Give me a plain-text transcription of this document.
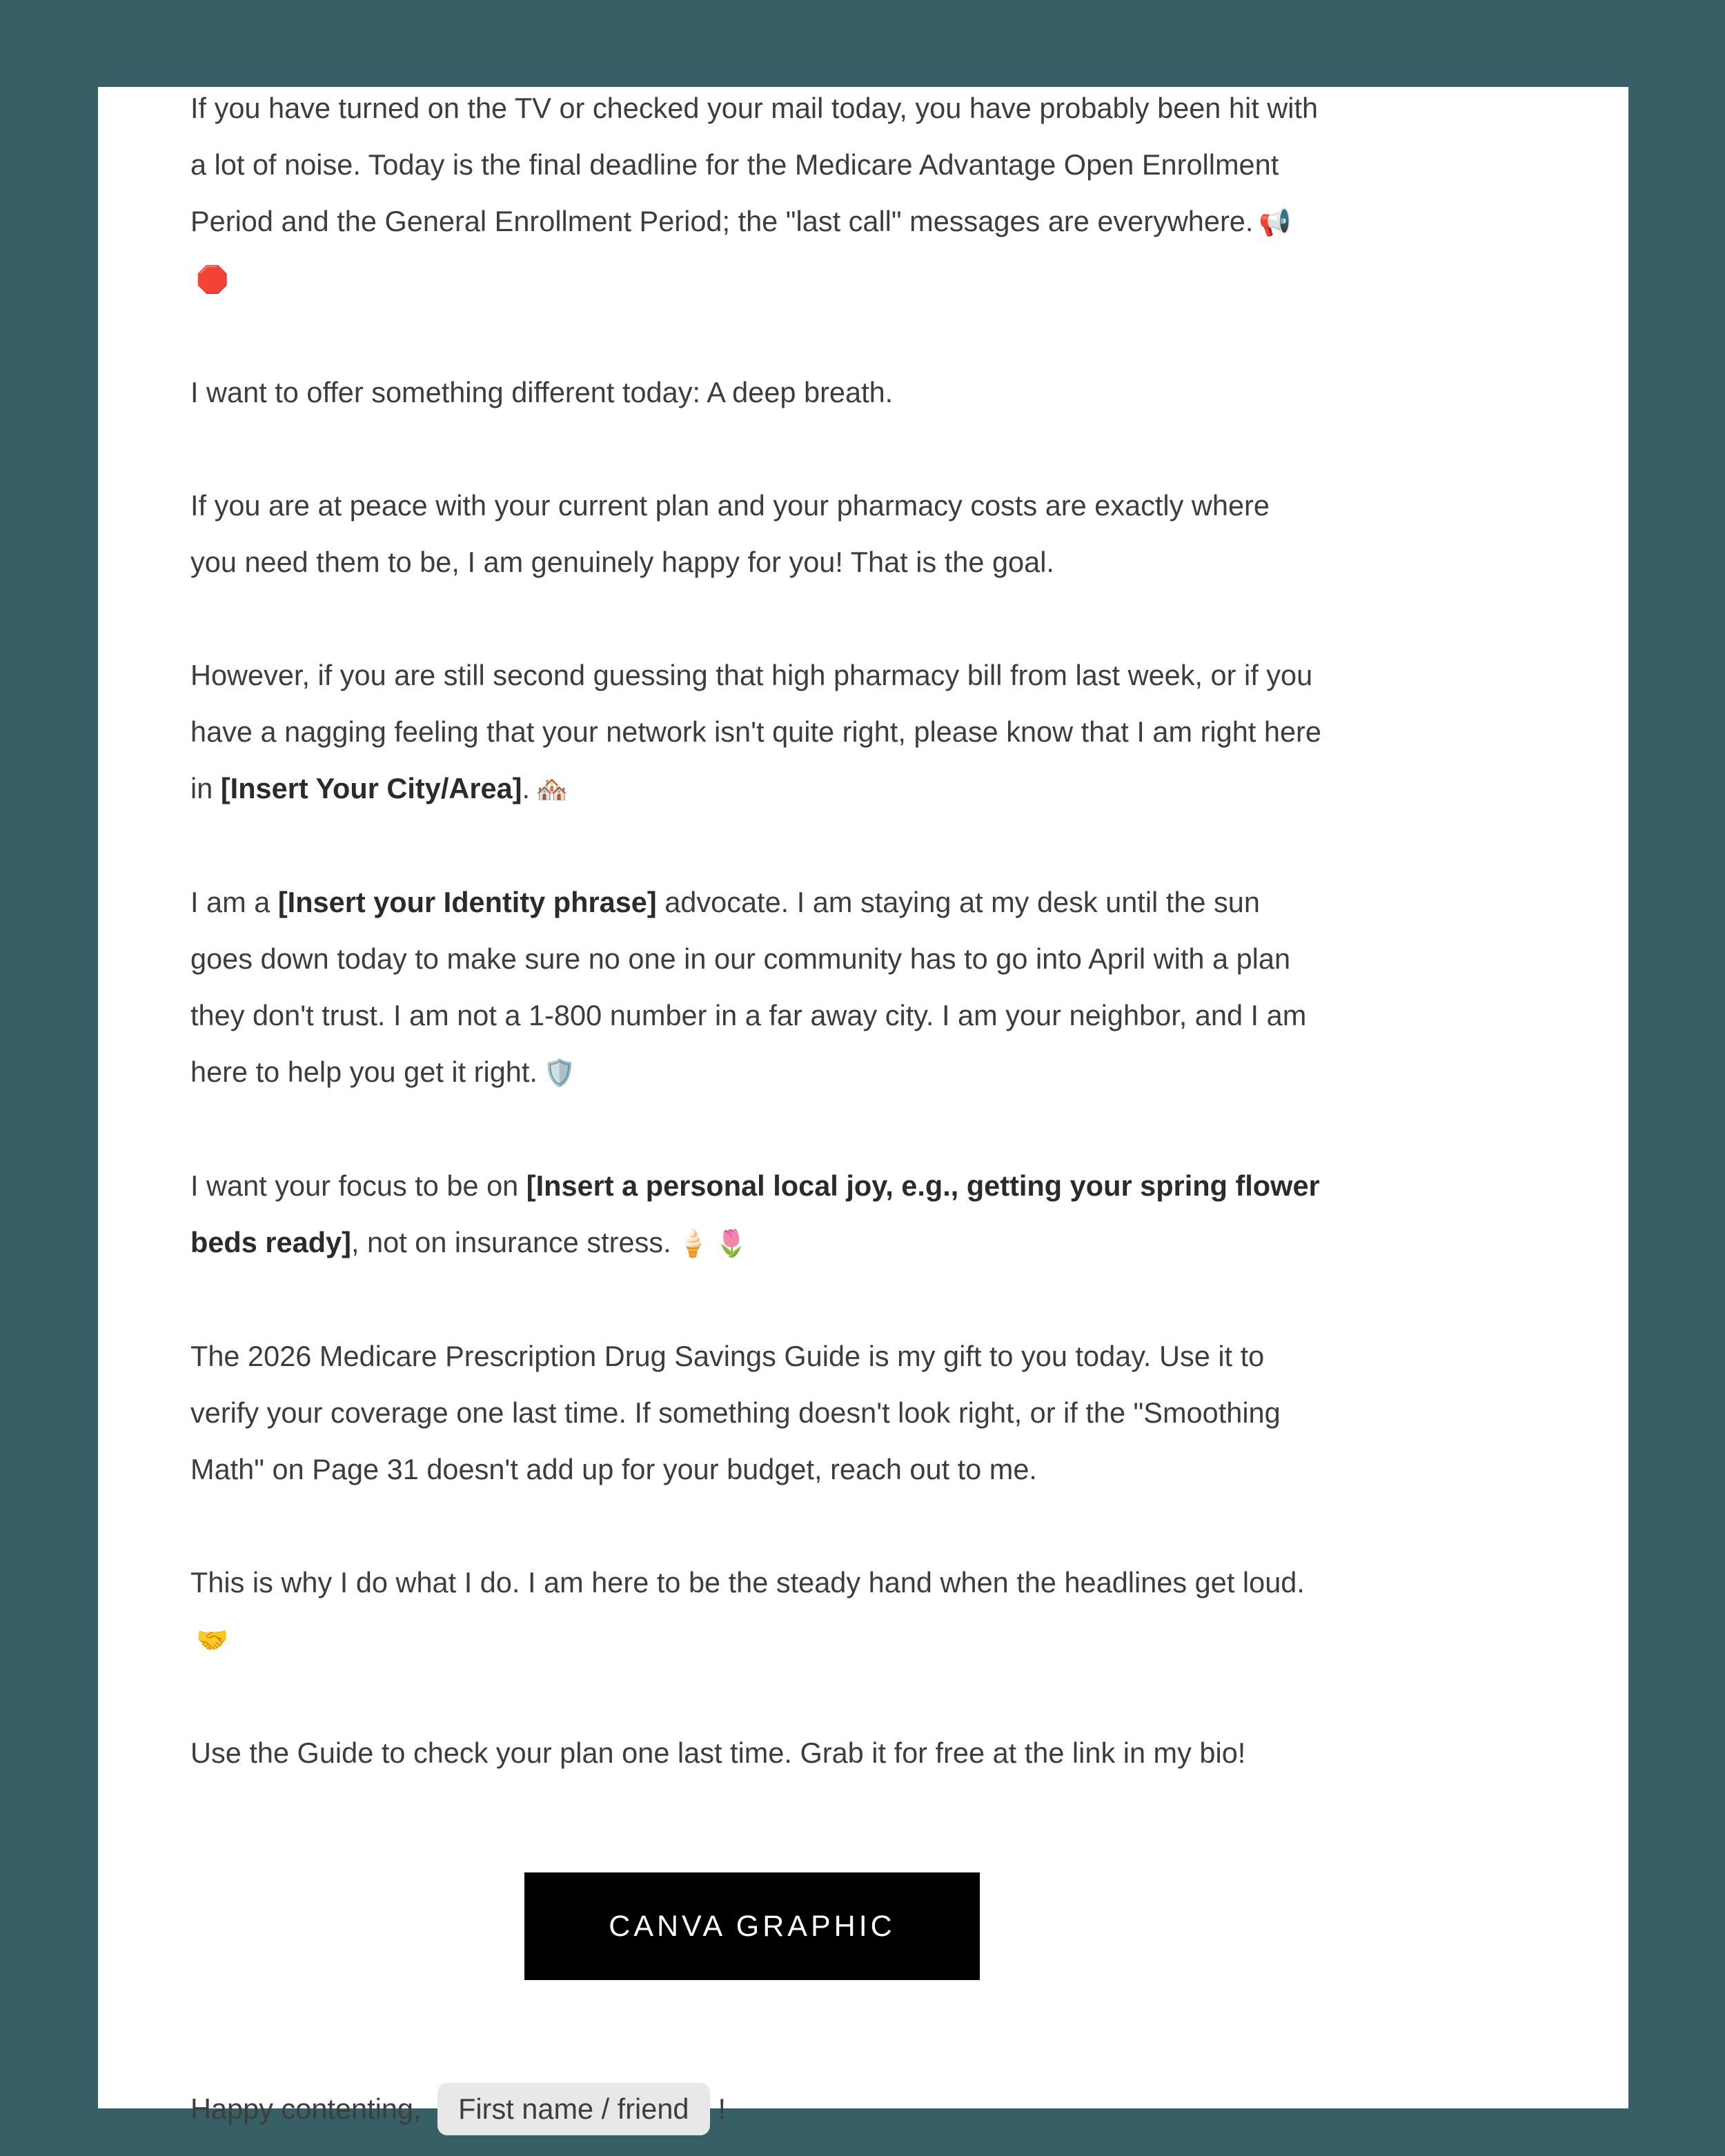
If you have turned on the TV or checked your mail today, you have probably been hit with a lot of noise. Today is the final deadline for the Medicare Advantage Open Enrollment Period and the General Enrollment Period; the "last call" messages are everywhere. 📢🛑

I want to offer something different today: A deep breath.

If you are at peace with your current plan and your pharmacy costs are exactly where you need them to be, I am genuinely happy for you! That is the goal.

However, if you are still second guessing that high pharmacy bill from last week, or if you have a nagging feeling that your network isn't quite right, please know that I am right here in [Insert Your City/Area]. 🏘️

I am a [Insert your Identity phrase] advocate. I am staying at my desk until the sun goes down today to make sure no one in our community has to go into April with a plan they don't trust. I am not a 1-800 number in a far away city. I am your neighbor, and I am here to help you get it right. 🛡️

I want your focus to be on [Insert a personal local joy, e.g., getting your spring flower beds ready], not on insurance stress. 🍦 🌷

The 2026 Medicare Prescription Drug Savings Guide is my gift to you today. Use it to verify your coverage one last time. If something doesn't look right, or if the "Smoothing Math" on Page 31 doesn't add up for your budget, reach out to me.

This is why I do what I do. I am here to be the steady hand when the headlines get loud.🤝

Use the Guide to check your plan one last time. Grab it for free at the link in my bio!

CANVA GRAPHIC
Happy contenting, First name / friend !
